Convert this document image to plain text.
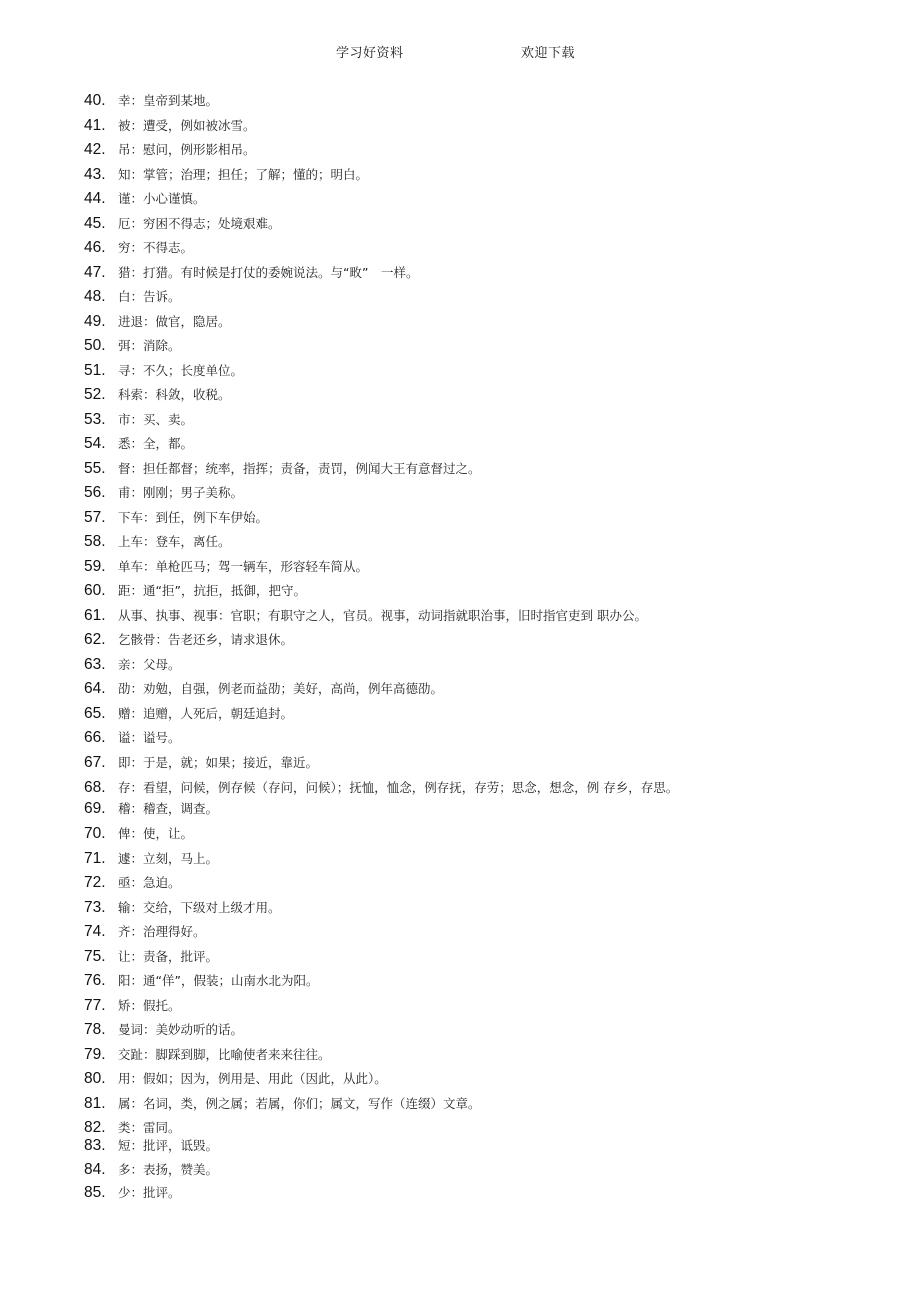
学习好资料	欢迎下载
40. 幸：皇帝到某地。
41. 被：遭受，例如被冰雪。
42. 吊：慰问，例形影相吊。
43. 知：掌管；治理；担任；了解；懂的；明白。
44. 谨：小心谨慎。
45. 厄：穷困不得志；处境艰难。
46. 穷：不得志。
47. 猎：打猎。有时候是打仗的委婉说法。与“畋”　一样。
48. 白：告诉。
49. 进退：做官，隐居。
50. 弭：消除。
51. 寻：不久；长度单位。
52. 科索：科敛，收税。
53. 市：买、卖。
54. 悉：全，都。
55. 督：担任都督；统率，指挥；责备，责罚，例闻大王有意督过之。
56. 甫：刚刚；男子美称。
57. 下车：到任，例下车伊始。
58. 上车：登车，离任。
59. 单车：单枪匹马；驾一辆车，形容轻车简从。
60. 距：通“拒”，抗拒，抵御，把守。
61. 从事、执事、视事：官职；有职守之人，官员。视事，动词指就职治事，旧时指官吏到 职办公。
62. 乞骸骨：告老还乡，请求退休。
63. 亲：父母。
64. 劭：劝勉，自强，例老而益劭；美好，高尚，例年高德劭。
65. 赠：追赠，人死后，朝廷追封。
66. 谥：谥号。
67. 即：于是，就；如果；接近，靠近。
68. 存：看望，问候，例存候（存问，问候）；抚恤，恤念，例存抚，存劳；思念，想念，例 存乡，存思。
69. 稽：稽查，调查。
70. 俾：使，让。
71. 遽：立刻，马上。
72. 亟：急迫。
73. 输：交给，下级对上级才用。
74. 齐：治理得好。
75. 让：责备，批评。
76. 阳：通“佯”，假装；山南水北为阳。
77. 矫：假托。
78. 曼词：美妙动听的话。
79. 交趾：脚踩到脚，比喻使者来来往往。
80. 用：假如；因为，例用是、用此（因此，从此）。
81. 属：名词，类，例之属；若属，你们；属文，写作（连缀）文章。
82. 类：雷同。
83. 短：批评，诋毁。
84. 多：表扬，赞美。
85. 少：批评。
